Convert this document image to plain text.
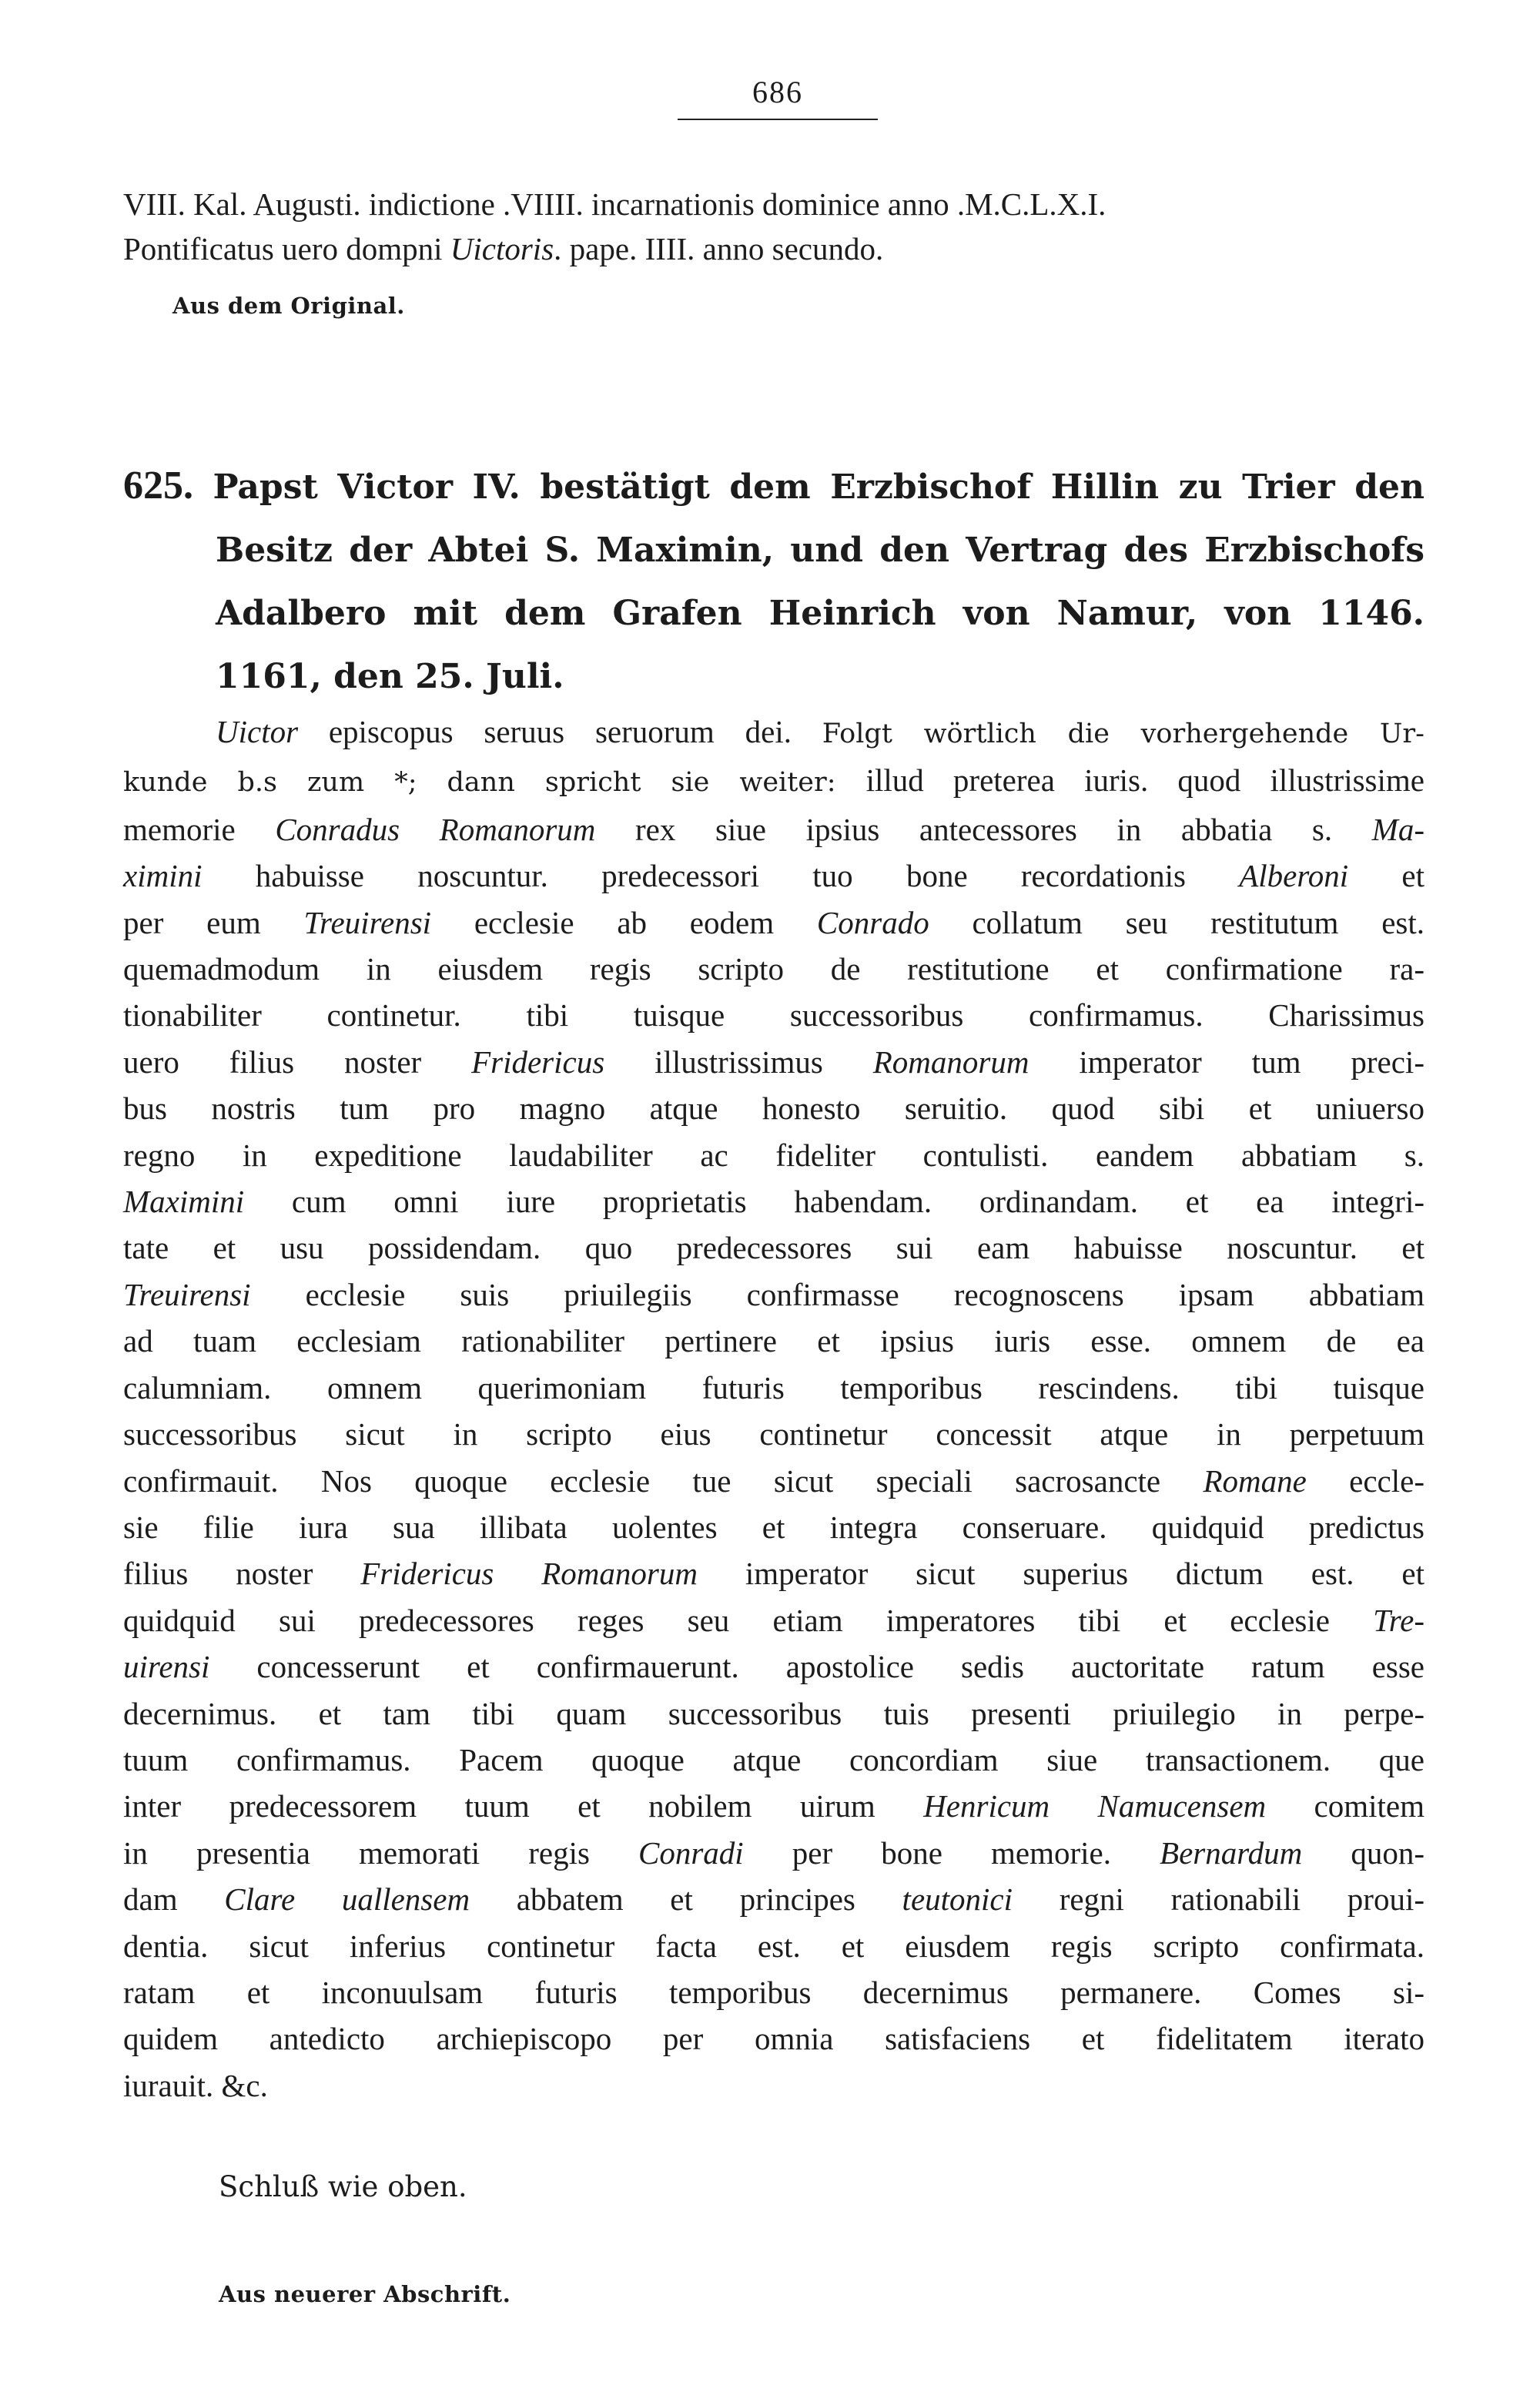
686

VIII. Kal. Augusti. indictione .VIIII. incarnationis dominice anno .M.C.L.X.I.

Pontificatus uero dompni Uictoris. pape. IIII. anno secundo.

Aus dem Original.

625. Papst Victor IV. bestätigt dem Erzbischof Hillin zu Trier den

Besitz der Abtei S. Maximin, und den Vertrag des Erzbischofs

Adalbero mit dem Grafen Heinrich von Namur, von 1146.

1161, den 25. Juli.

Uictor episcopus seruus seruorum dei. Folgt wörtlich die vorhergehende Ur-

kunde b.s zum *; dann spricht sie weiter: illud preterea iuris. quod illustrissime

memorie Conradus Romanorum rex siue ipsius antecessores in abbatia s. Ma-

ximini habuisse noscuntur. predecessori tuo bone recordationis Alberoni et

per eum Treuirensi ecclesie ab eodem Conrado collatum seu restitutum est.

quemadmodum in eiusdem regis scripto de restitutione et confirmatione ra-

tionabiliter continetur. tibi tuisque successoribus confirmamus. Charissimus

uero filius noster Fridericus illustrissimus Romanorum imperator tum preci-

bus nostris tum pro magno atque honesto seruitio. quod sibi et uniuerso

regno in expeditione laudabiliter ac fideliter contulisti. eandem abbatiam s.

Maximini cum omni iure proprietatis habendam. ordinandam. et ea integri-

tate et usu possidendam. quo predecessores sui eam habuisse noscuntur. et

Treuirensi ecclesie suis priuilegiis confirmasse recognoscens ipsam abbatiam

ad tuam ecclesiam rationabiliter pertinere et ipsius iuris esse. omnem de ea

calumniam. omnem querimoniam futuris temporibus rescindens. tibi tuisque

successoribus sicut in scripto eius continetur concessit atque in perpetuum

confirmauit. Nos quoque ecclesie tue sicut speciali sacrosancte Romane eccle-

sie filie iura sua illibata uolentes et integra conseruare. quidquid predictus

filius noster Fridericus Romanorum imperator sicut superius dictum est. et

quidquid sui predecessores reges seu etiam imperatores tibi et ecclesie Tre-

uirensi concesserunt et confirmauerunt. apostolice sedis auctoritate ratum esse

decernimus. et tam tibi quam successoribus tuis presenti priuilegio in perpe-

tuum confirmamus. Pacem quoque atque concordiam siue transactionem. que

inter predecessorem tuum et nobilem uirum Henricum Namucensem comitem

in presentia memorati regis Conradi per bone memorie. Bernardum quon-

dam Clare uallensem abbatem et principes teutonici regni rationabili proui-

dentia. sicut inferius continetur facta est. et eiusdem regis scripto confirmata.

ratam et inconuulsam futuris temporibus decernimus permanere. Comes si-

quidem antedicto archiepiscopo per omnia satisfaciens et fidelitatem iterato

iurauit. &c.

Schluß wie oben.

Aus neuerer Abschrift.
